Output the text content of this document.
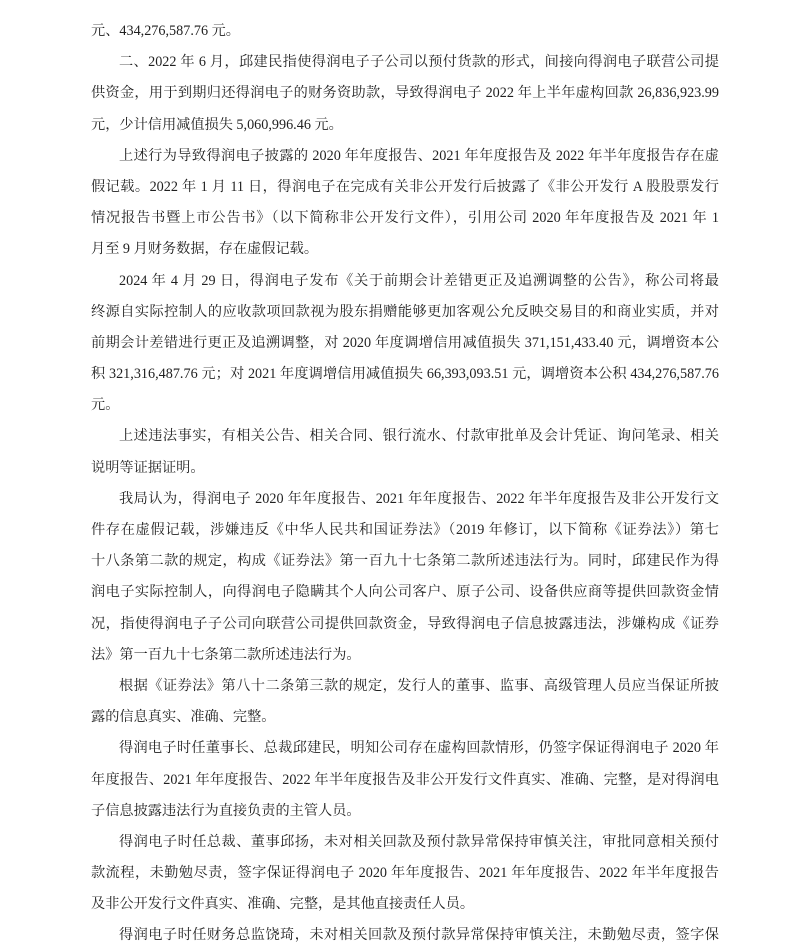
元、434,276,587.76 元。
二、2022 年 6 月，邱建民指使得润电子子公司以预付货款的形式，间接向得润电子联营公司提
供资金，用于到期归还得润电子的财务资助款，导致得润电子 2022 年上半年虚构回款 26,836,923.99
元，少计信用减值损失 5,060,996.46 元。
上述行为导致得润电子披露的 2020 年年度报告、2021 年年度报告及 2022 年半年度报告存在虚
假记载。2022 年 1 月 11 日，得润电子在完成有关非公开发行后披露了《非公开发行 A 股股票发行
情况报告书暨上市公告书》（以下简称非公开发行文件），引用公司 2020 年年度报告及 2021 年 1
月至 9 月财务数据，存在虚假记载。
2024 年 4 月 29 日，得润电子发布《关于前期会计差错更正及追溯调整的公告》，称公司将最
终源自实际控制人的应收款项回款视为股东捐赠能够更加客观公允反映交易目的和商业实质，并对
前期会计差错进行更正及追溯调整，对 2020 年度调增信用减值损失 371,151,433.40 元，调增资本公
积 321,316,487.76 元；对 2021 年度调增信用减值损失 66,393,093.51 元，调增资本公积 434,276,587.76
元。
上述违法事实，有相关公告、相关合同、银行流水、付款审批单及会计凭证、询问笔录、相关
说明等证据证明。
我局认为，得润电子 2020 年年度报告、2021 年年度报告、2022 年半年度报告及非公开发行文
件存在虚假记载，涉嫌违反《中华人民共和国证券法》（2019 年修订，以下简称《证券法》）第七
十八条第二款的规定，构成《证券法》第一百九十七条第二款所述违法行为。同时，邱建民作为得
润电子实际控制人，向得润电子隐瞒其个人向公司客户、原子公司、设备供应商等提供回款资金情
况，指使得润电子子公司向联营公司提供回款资金，导致得润电子信息披露违法，涉嫌构成《证券
法》第一百九十七条第二款所述违法行为。
根据《证券法》第八十二条第三款的规定，发行人的董事、监事、高级管理人员应当保证所披
露的信息真实、准确、完整。
得润电子时任董事长、总裁邱建民，明知公司存在虚构回款情形，仍签字保证得润电子 2020 年
年度报告、2021 年年度报告、2022 年半年度报告及非公开发行文件真实、准确、完整，是对得润电
子信息披露违法行为直接负责的主管人员。
得润电子时任总裁、董事邱扬，未对相关回款及预付款异常保持审慎关注，审批同意相关预付
款流程，未勤勉尽责，签字保证得润电子 2020 年年度报告、2021 年年度报告、2022 年半年度报告
及非公开发行文件真实、准确、完整，是其他直接责任人员。
得润电子时任财务总监饶琦，未对相关回款及预付款异常保持审慎关注，未勤勉尽责，签字保
